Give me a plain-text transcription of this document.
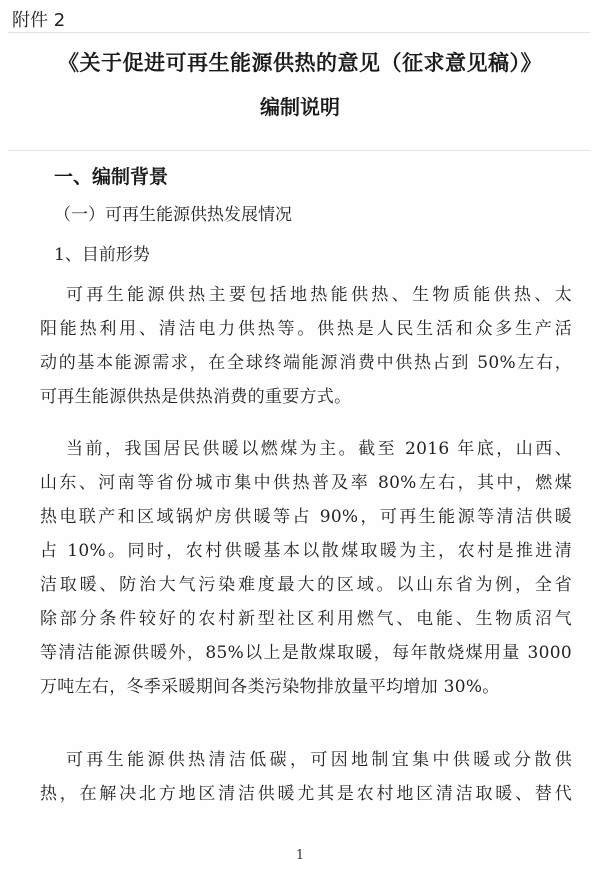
附件 2
《关于促进可再生能源供热的意见（征求意见稿）》
编制说明
一、编制背景
（一）可再生能源供热发展情况
1、目前形势
可再生能源供热主要包括地热能供热、生物质能供热、太
阳能热利用、清洁电力供热等。供热是人民生活和众多生产活
动的基本能源需求，在全球终端能源消费中供热占到 50%左右，
可再生能源供热是供热消费的重要方式。
当前，我国居民供暖以燃煤为主。截至 2016 年底，山西、
山东、河南等省份城市集中供热普及率 80%左右，其中，燃煤
热电联产和区域锅炉房供暖等占 90%，可再生能源等清洁供暖
占 10%。同时，农村供暖基本以散煤取暖为主，农村是推进清
洁取暖、防治大气污染难度最大的区域。以山东省为例，全省
除部分条件较好的农村新型社区利用燃气、电能、生物质沼气
等清洁能源供暖外，85%以上是散煤取暖，每年散烧煤用量 3000
万吨左右，冬季采暖期间各类污染物排放量平均增加 30%。
可再生能源供热清洁低碳，可因地制宜集中供暖或分散供
热，在解决北方地区清洁供暖尤其是农村地区清洁取暖、替代
1
